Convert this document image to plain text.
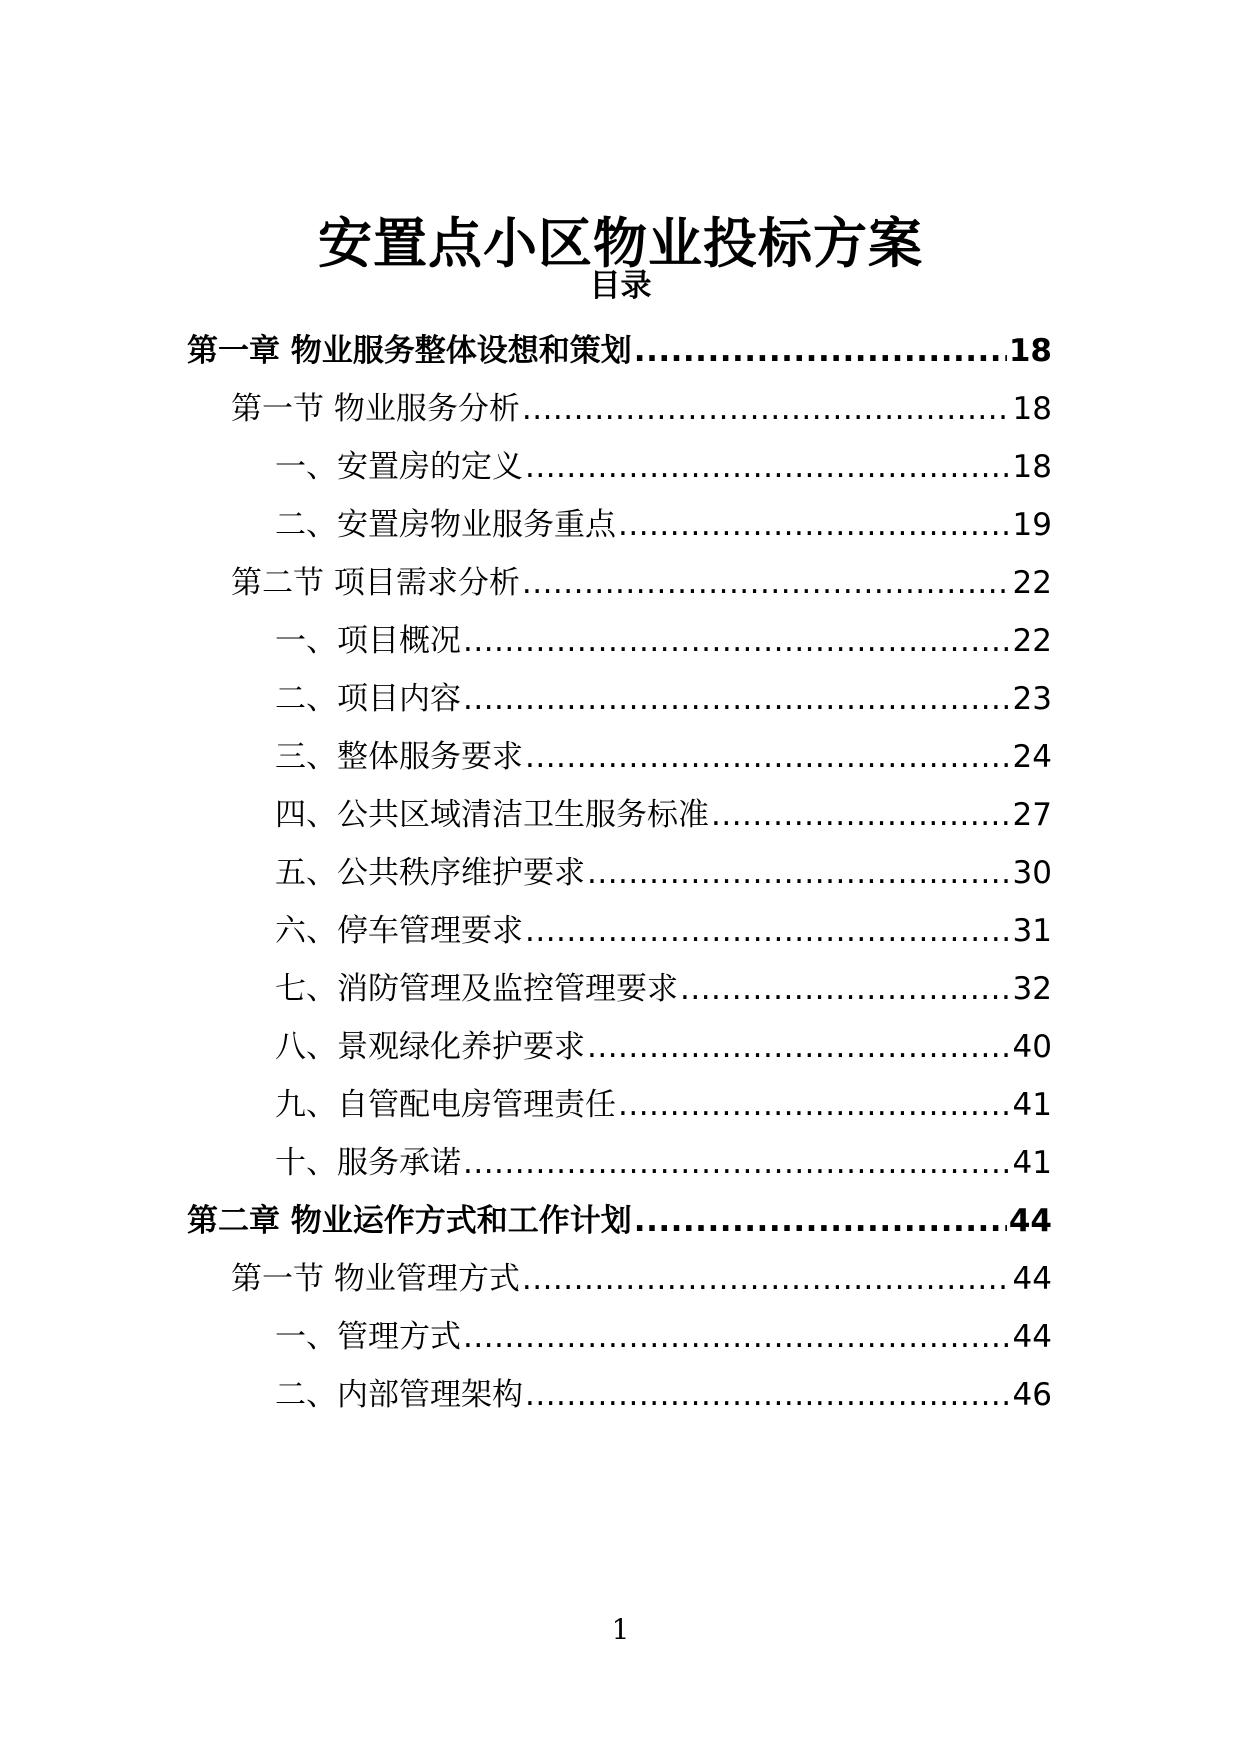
安置点小区物业投标方案
目录
第一章 物业服务整体设想和策划 .....	18
第一节 物业服务分析 .....	18
一、安置房的定义 .....	18
二、安置房物业服务重点 .....	19
第二节 项目需求分析 .....	22
一、项目概况 .....	22
二、项目内容 .....	23
三、整体服务要求 .....	24
四、公共区域清洁卫生服务标准 .....	27
五、公共秩序维护要求 .....	30
六、停车管理要求 .....	31
七、消防管理及监控管理要求 .....	32
八、景观绿化养护要求 .....	40
九、自管配电房管理责任 .....	41
十、服务承诺 .....	41
第二章 物业运作方式和工作计划 .....	44
第一节 物业管理方式 .....	44
一、管理方式 .....	44
二、内部管理架构 .....	46
1
